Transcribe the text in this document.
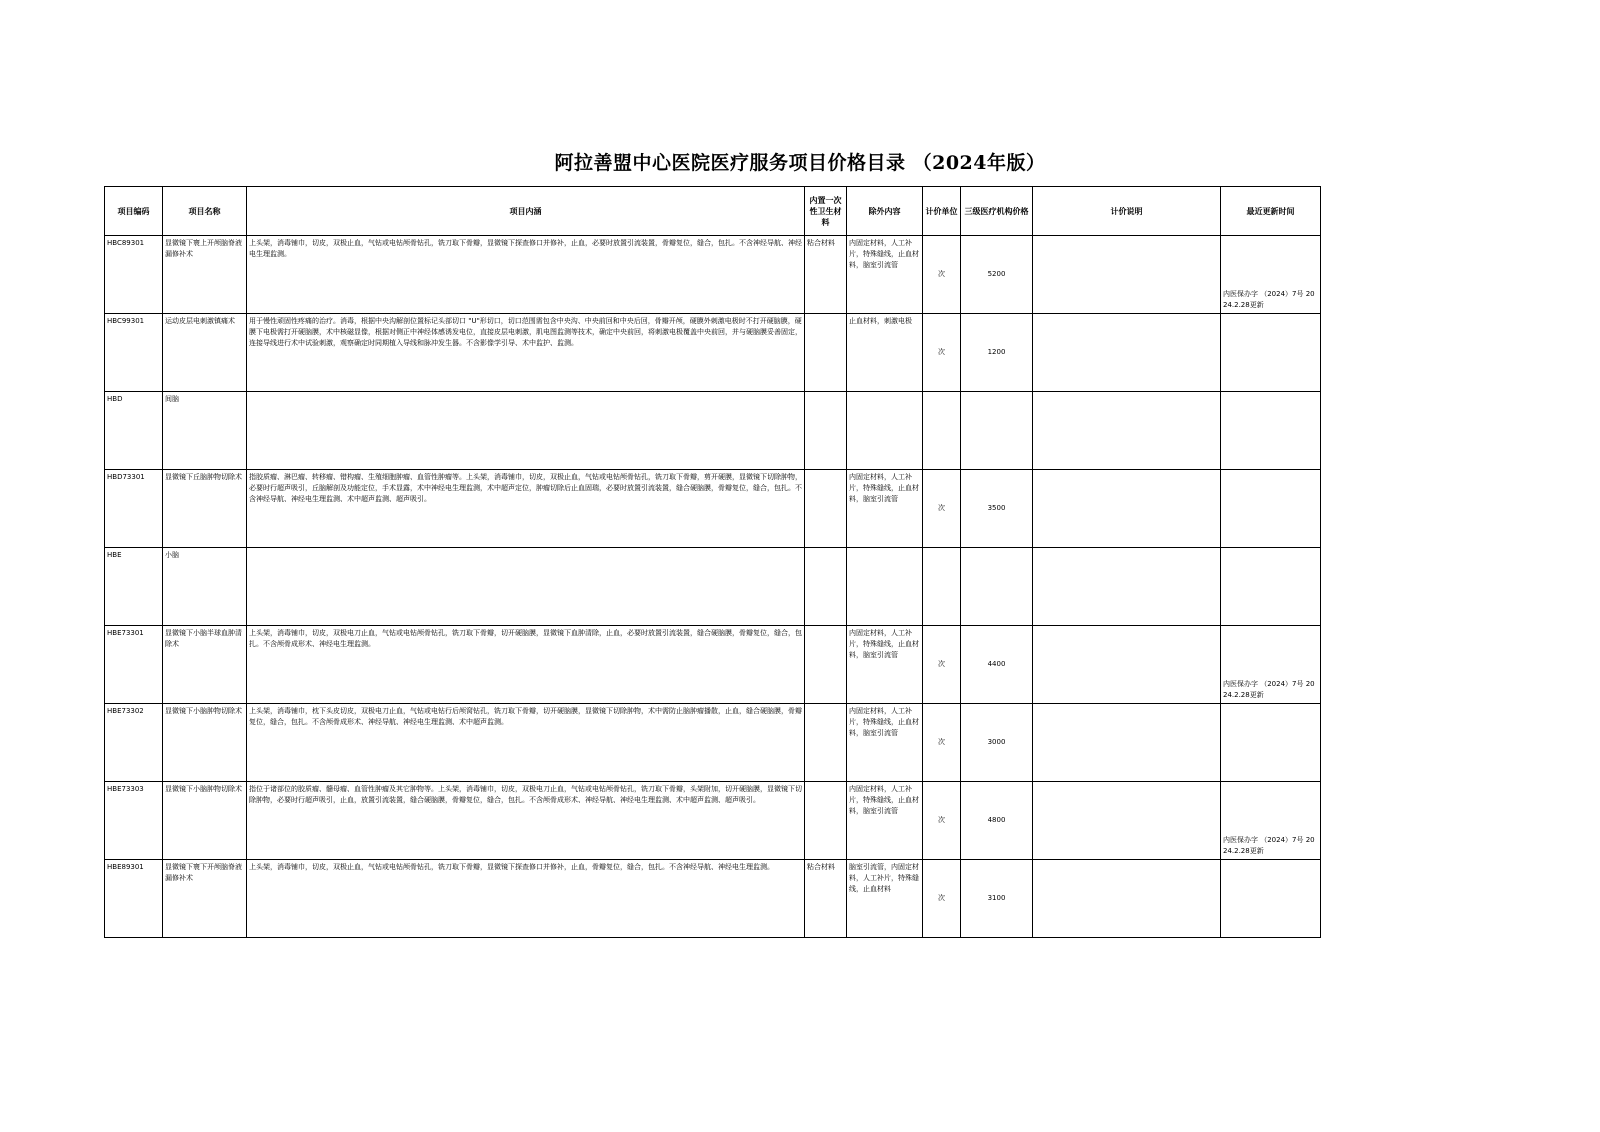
阿拉善盟中心医院医疗服务项目价格目录 （2024年版）
项目编码	项目名称	项目内涵	内置一次性卫生材料	除外内容	计价单位	三级医疗机构价格	计价说明	最近更新时间
HBC89301	显微镜下寰上开颅脑脊液漏修补术	上头架，消毒铺巾，切皮，双极止血，气钻或电钻颅骨钻孔，铣刀取下骨瓣，显微镜下探查修口并修补，止血，必要时放置引流装置，骨瓣复位，缝合，包扎。不含神经导航、神经电生理监测。	粘合材料	内固定材料，人工补片，特殊缝线，止血材料，脑室引流管	次	5200		内医保办字 （2024）7号 2024.2.28更新
HBC99301	运动皮层电刺激镇痛术	用于慢性顽固性疼痛的治疗。消毒，根据中央沟解剖位置标记头部切口 "U"形切口，切口范围需包含中央沟、中央前回和中央后回，骨瓣开颅，硬膜外刺激电极时不打开硬脑膜，硬膜下电极需打开硬脑膜，术中核磁显像，根据对侧正中神经体感诱发电位，直接皮层电刺激，肌电图监测等技术，确定中央前回，将刺激电极覆盖中央前回，并与硬脑膜妥善固定，连接导线进行术中试验刺激，观察确定时同期植入导线和脉冲发生器。不含影像学引导、术中监护、监测。		止血材料，刺激电极	次	1200		
HBD	间脑							
HBD73301	显微镜下丘脑肿物切除术	指胶质瘤、淋巴瘤、转移瘤、错构瘤、生殖细胞肿瘤、血管性肿瘤等。上头架，消毒铺巾，切皮，双极止血，气钻或电钻颅骨钻孔，铣刀取下骨瓣，剪开硬膜，显微镜下切除肿物，必要时行超声吸引，丘脑解剖及功能定位，手术显露，术中神经电生理监测，术中超声定位，肿瘤切除后止血固瑞，必要时放置引流装置，缝合硬脑膜，骨瓣复位，缝合，包扎。不含神经导航、神经电生理监测、术中超声监测、超声吸引。		内固定材料，人工补片，特殊缝线，止血材料，脑室引流管	次	3500		
HBE	小脑							
HBE73301	显微镜下小脑半球血肿清除术	上头架，消毒铺巾，切皮，双极电刀止血，气钻或电钻颅骨钻孔，铣刀取下骨瓣，切开硬脑膜，显微镜下血肿清除，止血，必要时放置引流装置，缝合硬脑膜，骨瓣复位，缝合，包扎。不含颅骨成形术、神经电生理监测。		内固定材料，人工补片，特殊缝线，止血材料，脑室引流管	次	4400		内医保办字 （2024）7号 2024.2.28更新
HBE73302	显微镜下小脑肿物切除术	上头架，消毒铺巾，枕下头皮切皮，双极电刀止血，气钻或电钻行后颅窝钻孔，铣刀取下骨瓣，切开硬脑膜，显微镜下切除肿物，术中需防止脑肿瘤播散，止血，缝合硬脑膜，骨瓣复位，缝合，包扎。不含颅骨成形术、神经导航、神经电生理监测、术中超声监测。		内固定材料，人工补片，特殊缝线，止血材料，脑室引流管	次	3000		
HBE73303	显微镜下小脑肿物切除术	指位于诸部位的胶质瘤、髓母瘤、血管性肿瘤及其它肿物等。上头架，消毒铺巾，切皮，双极电刀止血，气钻或电钻颅骨钻孔，铣刀取下骨瓣，头架附加，切开硬脑膜，显微镜下切除肿物，必要时行超声吸引，止血，放置引流装置，缝合硬脑膜，骨瓣复位，缝合，包扎。不含颅骨成形术、神经导航、神经电生理监测、术中超声监测、超声吸引。		内固定材料，人工补片，特殊缝线，止血材料，脑室引流管	次	4800		内医保办字 （2024）7号 2024.2.28更新
HBE89301	显微镜下寰下开颅脑脊液漏修补术	上头架，消毒铺巾，切皮，双极止血，气钻或电钻颅骨钻孔，铣刀取下骨瓣，显微镜下探查修口并修补，止血，骨瓣复位，缝合，包扎。不含神经导航、神经电生理监测。	粘合材料	脑室引流管，内固定材料，人工补片，特殊缝线，止血材料	次	3100		
